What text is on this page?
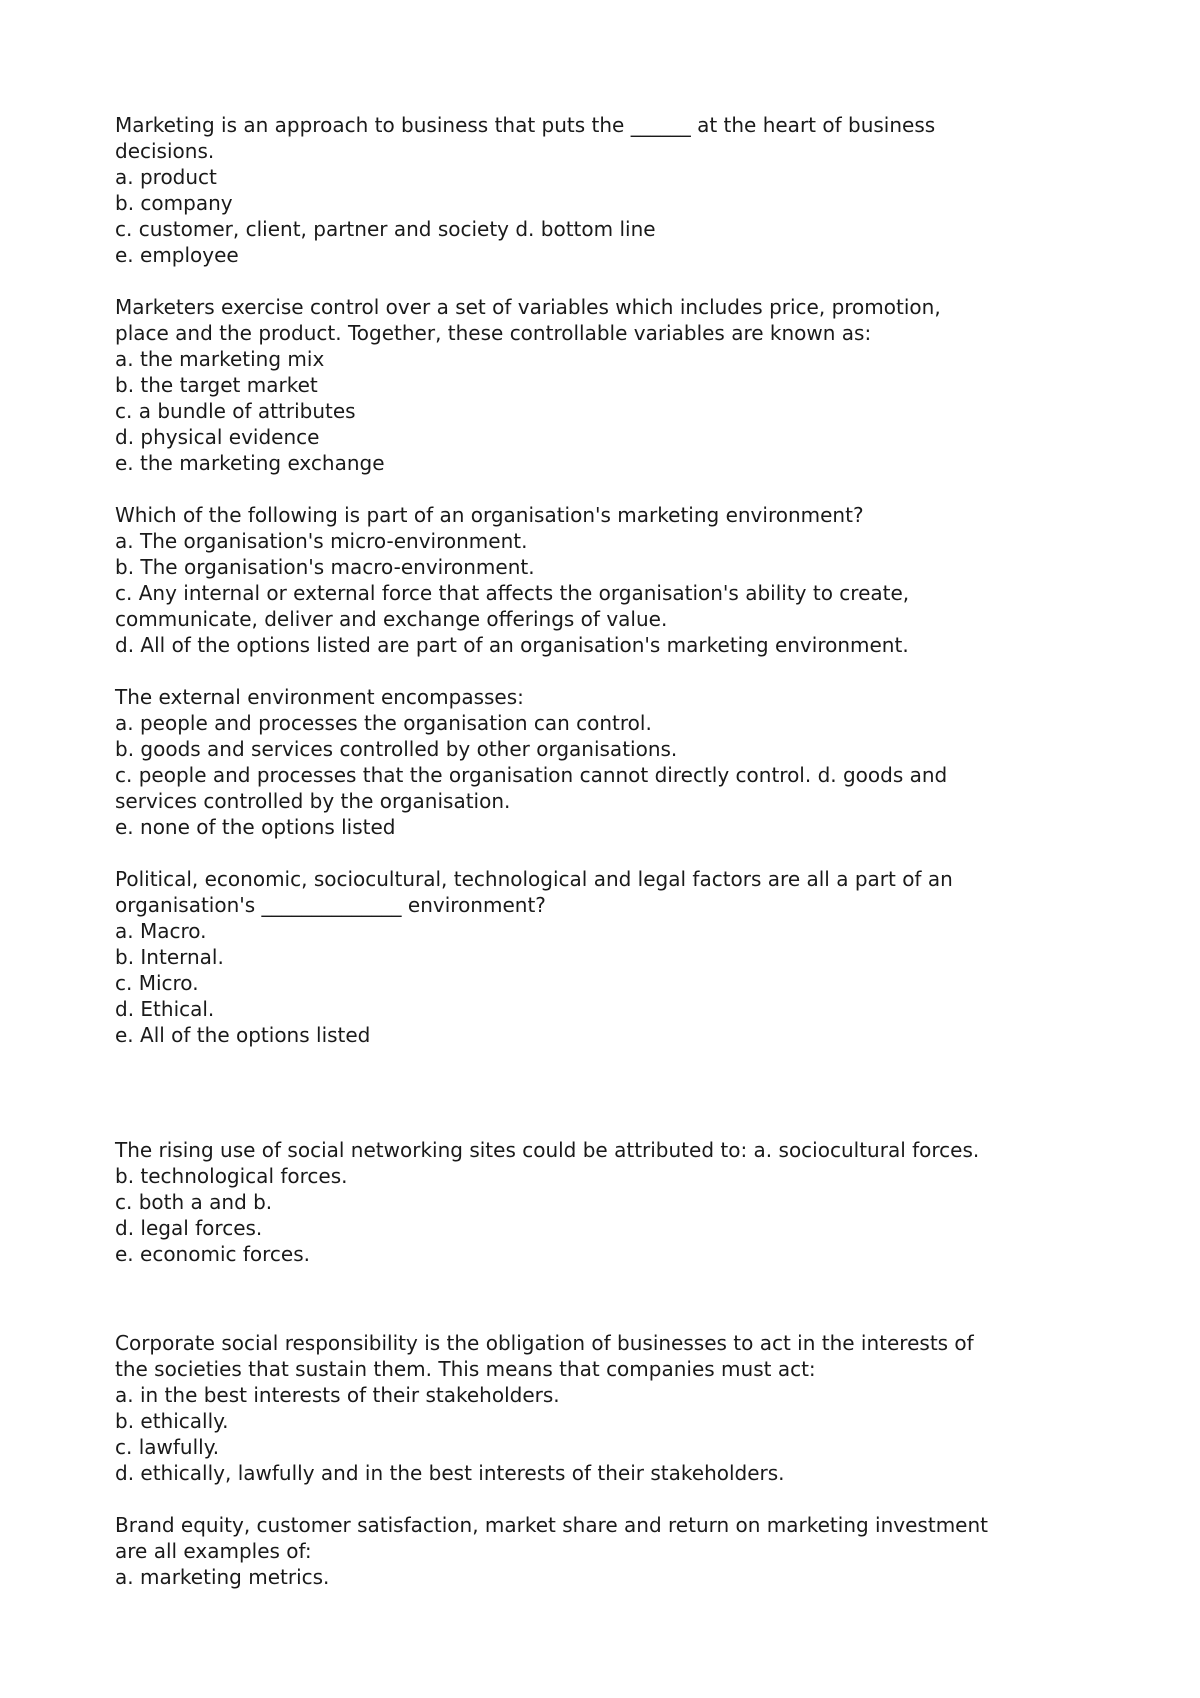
Marketing is an approach to business that puts the ______ at the heart of business
decisions.
a. product
b. company
c. customer, client, partner and society d. bottom line
e. employee
Marketers exercise control over a set of variables which includes price, promotion,
place and the product. Together, these controllable variables are known as:
a. the marketing mix
b. the target market
c. a bundle of attributes
d. physical evidence
e. the marketing exchange
Which of the following is part of an organisation's marketing environment?
a. The organisation's micro-environment.
b. The organisation's macro-environment.
c. Any internal or external force that affects the organisation's ability to create,
communicate, deliver and exchange offerings of value.
d. All of the options listed are part of an organisation's marketing environment.
The external environment encompasses:
a. people and processes the organisation can control.
b. goods and services controlled by other organisations.
c. people and processes that the organisation cannot directly control. d. goods and
services controlled by the organisation.
e. none of the options listed
Political, economic, sociocultural, technological and legal factors are all a part of an
organisation's ______________ environment?
a. Macro.
b. Internal.
c. Micro.
d. Ethical.
e. All of the options listed
The rising use of social networking sites could be attributed to: a. sociocultural forces.
b. technological forces.
c. both a and b.
d. legal forces.
e. economic forces.
Corporate social responsibility is the obligation of businesses to act in the interests of
the societies that sustain them. This means that companies must act:
a. in the best interests of their stakeholders.
b. ethically.
c. lawfully.
d. ethically, lawfully and in the best interests of their stakeholders.
Brand equity, customer satisfaction, market share and return on marketing investment
are all examples of:
a. marketing metrics.
